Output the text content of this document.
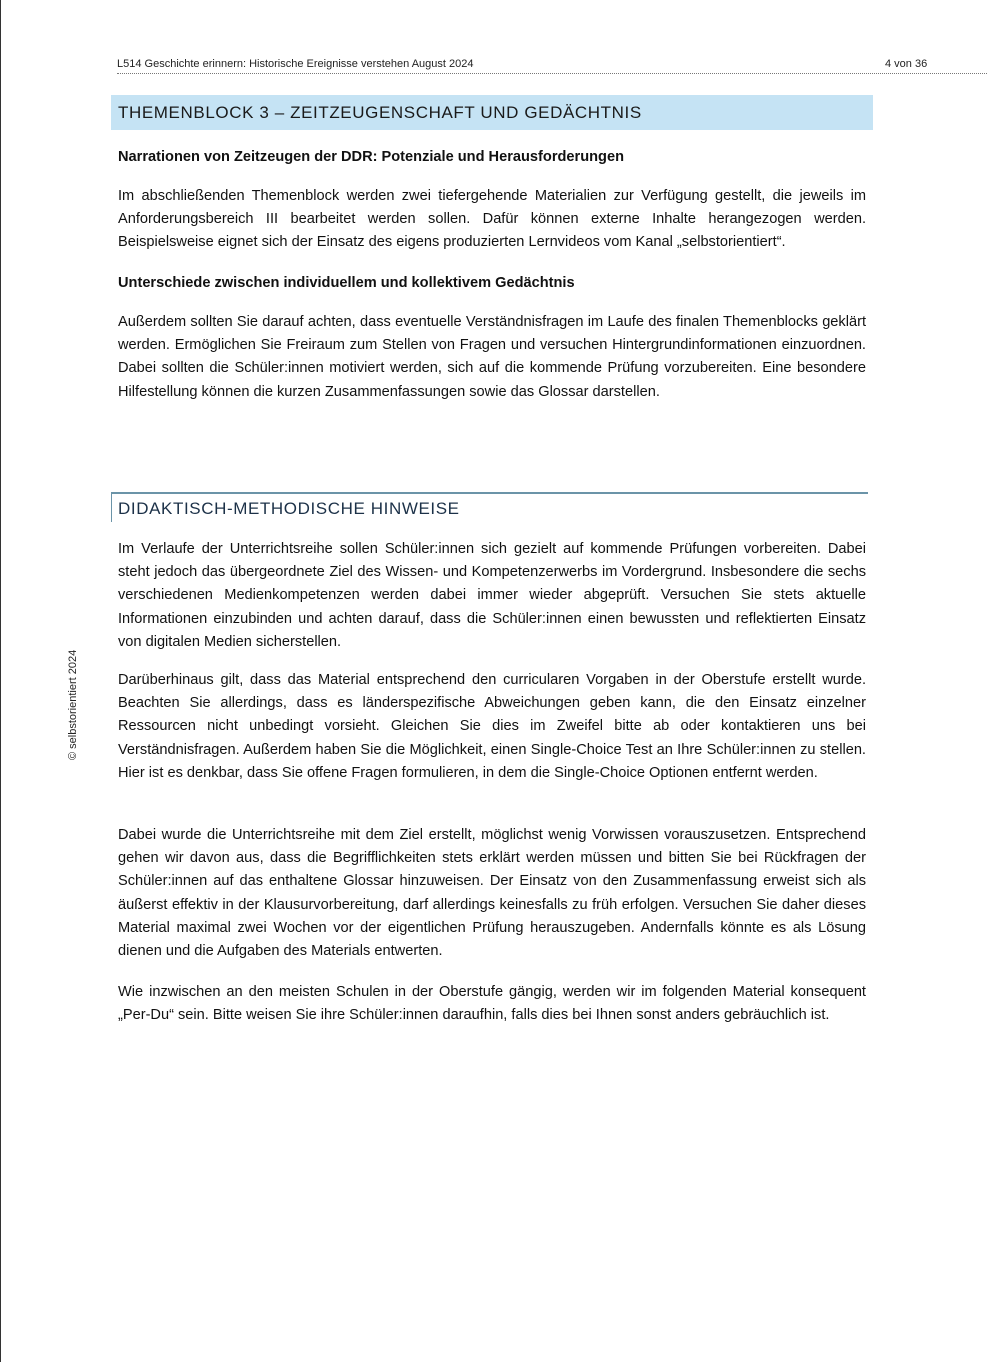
L514 Geschichte erinnern: Historische Ereignisse verstehen August 2024	4 von 36
© selbstorientiert 2024
THEMENBLOCK 3 – ZEITZEUGENSCHAFT UND GEDÄCHTNIS
Narrationen von Zeitzeugen der DDR: Potenziale und Herausforderungen
Im abschließenden Themenblock werden zwei tiefergehende Materialien zur Verfügung gestellt, die jeweils im Anforderungsbereich III bearbeitet werden sollen. Dafür können externe Inhalte herangezogen werden. Beispielsweise eignet sich der Einsatz des eigens produzierten Lernvideos vom Kanal „selbstorientiert“.
Unterschiede zwischen individuellem und kollektivem Gedächtnis
Außerdem sollten Sie darauf achten, dass eventuelle Verständnisfragen im Laufe des finalen Themenblocks geklärt werden. Ermöglichen Sie Freiraum zum Stellen von Fragen und versuchen Hintergrundinformationen einzuordnen. Dabei sollten die Schüler:innen motiviert werden, sich auf die kommende Prüfung vorzubereiten. Eine besondere Hilfestellung können die kurzen Zusammenfassungen sowie das Glossar darstellen.
DIDAKTISCH-METHODISCHE HINWEISE
Im Verlaufe der Unterrichtsreihe sollen Schüler:innen sich gezielt auf kommende Prüfungen vorbereiten. Dabei steht jedoch das übergeordnete Ziel des Wissen- und Kompetenzerwerbs im Vordergrund. Insbesondere die sechs verschiedenen Medienkompetenzen werden dabei immer wieder abgeprüft. Versuchen Sie stets aktuelle Informationen einzubinden und achten darauf, dass die Schüler:innen einen bewussten und reflektierten Einsatz von digitalen Medien sicherstellen.
Darüberhinaus gilt, dass das Material entsprechend den curricularen Vorgaben in der Oberstufe erstellt wurde. Beachten Sie allerdings, dass es länderspezifische Abweichungen geben kann, die den Einsatz einzelner Ressourcen nicht unbedingt vorsieht. Gleichen Sie dies im Zweifel bitte ab oder kontaktieren uns bei Verständnisfragen. Außerdem haben Sie die Möglichkeit, einen Single-Choice Test an Ihre Schüler:innen zu stellen. Hier ist es denkbar, dass Sie offene Fragen formulieren, in dem die Single-Choice Optionen entfernt werden.
Dabei wurde die Unterrichtsreihe mit dem Ziel erstellt, möglichst wenig Vorwissen vorauszusetzen. Entsprechend gehen wir davon aus, dass die Begrifflichkeiten stets erklärt werden müssen und bitten Sie bei Rückfragen der Schüler:innen auf das enthaltene Glossar hinzuweisen. Der Einsatz von den Zusammenfassung erweist sich als äußerst effektiv in der Klausurvorbereitung, darf allerdings keinesfalls zu früh erfolgen. Versuchen Sie daher dieses Material maximal zwei Wochen vor der eigentlichen Prüfung herauszugeben. Andernfalls könnte es als Lösung dienen und die Aufgaben des Materials entwerten.
Wie inzwischen an den meisten Schulen in der Oberstufe gängig, werden wir im folgenden Material konsequent „Per-Du“ sein. Bitte weisen Sie ihre Schüler:innen daraufhin, falls dies bei Ihnen sonst anders gebräuchlich ist.
